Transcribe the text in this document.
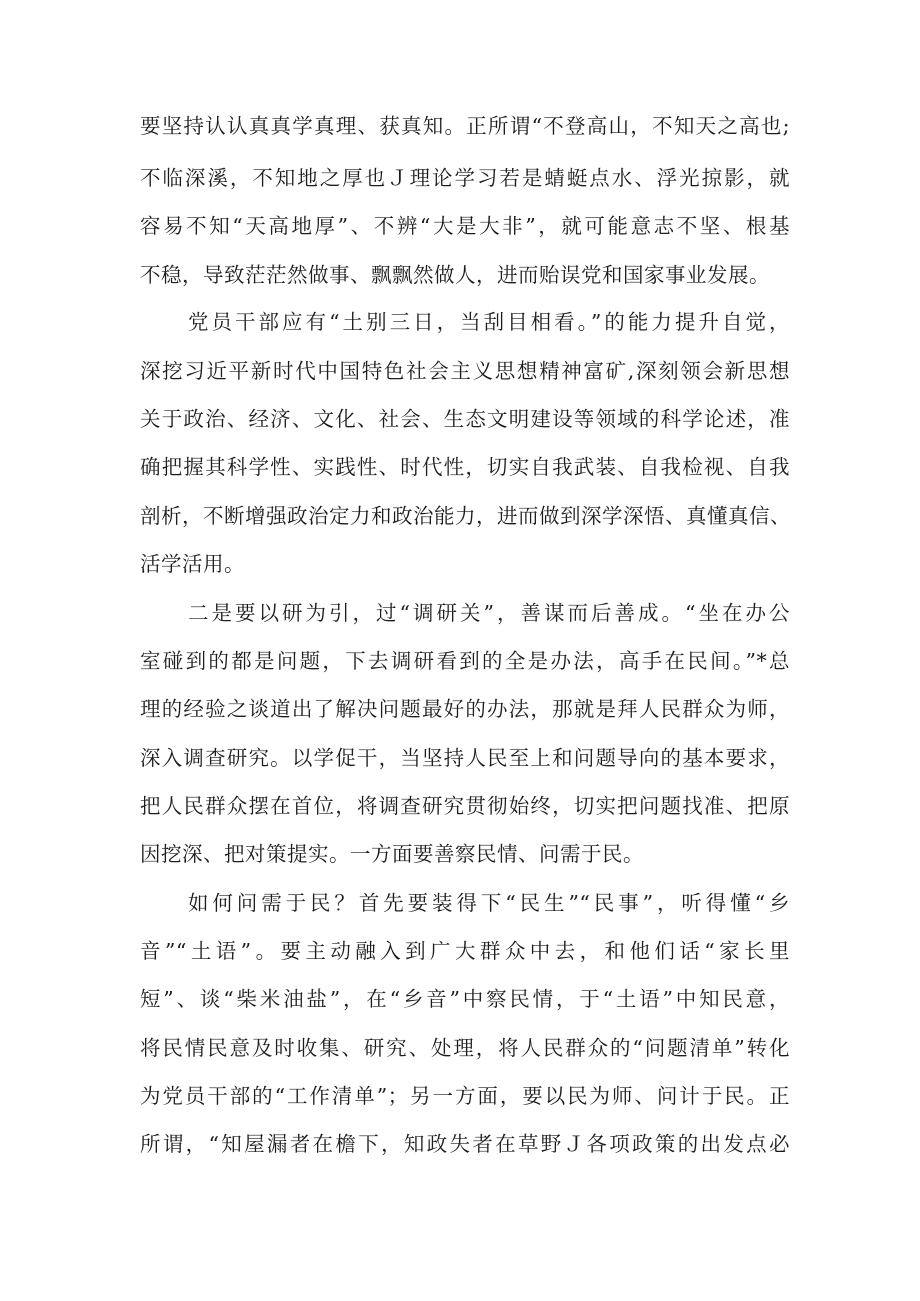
要坚持认认真真学真理、获真知。正所谓“不登高山，不知天之高也;
不临深溪，不知地之厚也Ｊ理论学习若是蜻蜓点水、浮光掠影，就
容易不知“天高地厚”、不辨“大是大非”，就可能意志不坚、根基
不稳，导致茫茫然做事、飘飘然做人，进而贻误党和国家事业发展。
党员干部应有“土别三日，当刮目相看。”的能力提升自觉，
深挖习近平新时代中国特色社会主义思想精神富矿,深刻领会新思想
关于政治、经济、文化、社会、生态文明建设等领域的科学论述，准
确把握其科学性、实践性、时代性，切实自我武装、自我检视、自我
剖析，不断增强政治定力和政治能力，进而做到深学深悟、真懂真信、
活学活用。
二是要以研为引，过“调研关”，善谋而后善成。“坐在办公
室碰到的都是问题，下去调研看到的全是办法，高手在民间。”*总
理的经验之谈道出了解决问题最好的办法，那就是拜人民群众为师，
深入调查研究。以学促干，当坚持人民至上和问题导向的基本要求，
把人民群众摆在首位，将调查研究贯彻始终，切实把问题找准、把原
因挖深、把对策提实。一方面要善察民情、问需于民。
如何问需于民？首先要装得下“民生”“民事”，听得懂“乡
音”“土语”。要主动融入到广大群众中去，和他们话“家长里
短”、谈“柴米油盐”，在“乡音”中察民情，于“土语”中知民意，
将民情民意及时收集、研究、处理，将人民群众的“问题清单”转化
为党员干部的“工作清单”；另一方面，要以民为师、问计于民。正
所谓，“知屋漏者在檐下，知政失者在草野Ｊ各项政策的出发点必
